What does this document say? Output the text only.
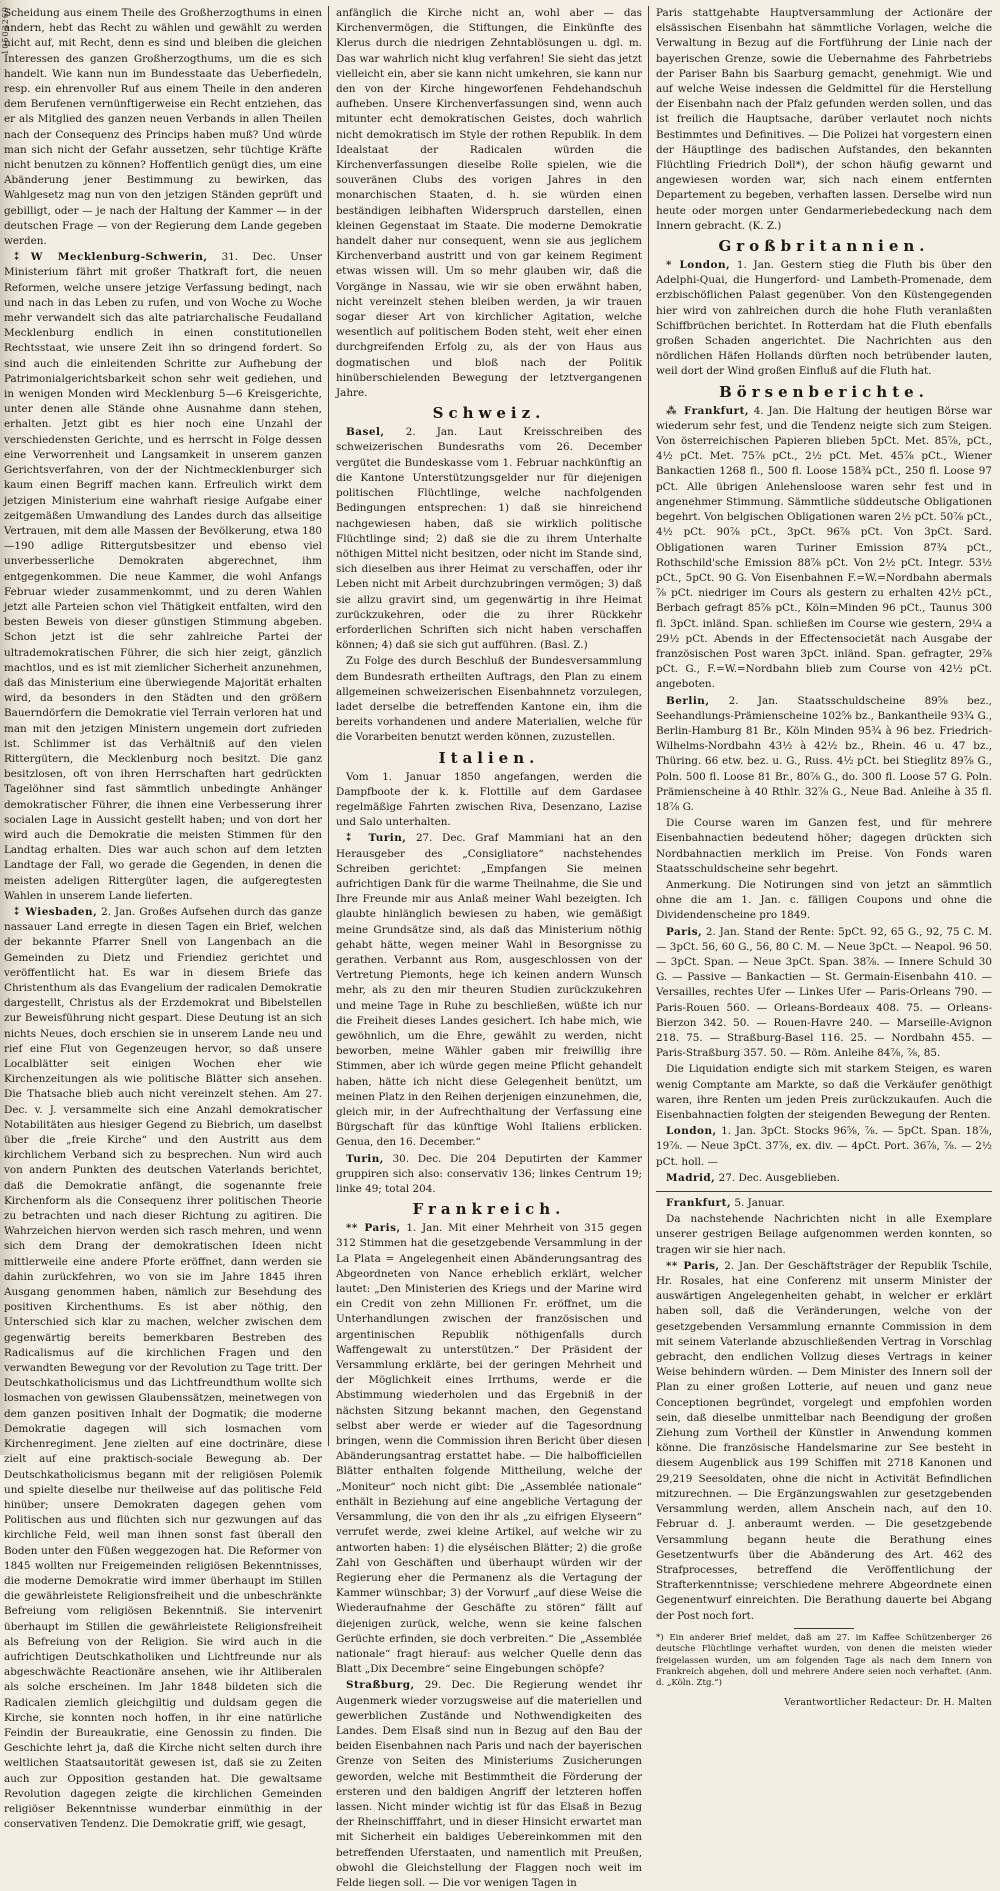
10503269

Scheidung aus einem Theile des Großherzogthums in einen andern, hebt das Recht zu wählen und gewählt zu werden nicht auf, mit Recht, denn es sind und bleiben die gleichen Interessen des ganzen Großherzogthums, um die es sich handelt. Wie kann nun im Bundesstaate das Ueberfiedeln, resp. ein ehrenvoller Ruf aus einem Theile in den anderen dem Berufenen vernünftigerweise ein Recht entziehen, das er als Mitglied des ganzen neuen Verbands in allen Theilen nach der Consequenz des Princips haben muß? Und würde man sich nicht der Gefahr aussetzen, sehr tüchtige Kräfte nicht benutzen zu können? Hoffentlich genügt dies, um eine Abänderung jener Bestimmung zu bewirken, das Wahlgesetz mag nun von den jetzigen Ständen geprüft und gebilligt, oder — je nach der Haltung der Kammer — in der deutschen Frage — von der Regierung dem Lande gegeben werden.

⁑W Mecklenburg-Schwerin, 31. Dec. Unser Ministerium fährt mit großer Thatkraft fort, die neuen Reformen, welche unsere jetzige Verfassung bedingt, nach und nach in das Leben zu rufen, und von Woche zu Woche mehr verwandelt sich das alte patriarchalische Feudalland Mecklenburg endlich in einen constitutionellen Rechtsstaat, wie unsere Zeit ihn so dringend fordert. So sind auch die einleitenden Schritte zur Aufhebung der Patrimonialgerichtsbarkeit schon sehr weit gediehen, und in wenigen Monden wird Mecklenburg 5—6 Kreisgerichte, unter denen alle Stände ohne Ausnahme dann stehen, erhalten. Jetzt gibt es hier noch eine Unzahl der verschiedensten Gerichte, und es herrscht in Folge dessen eine Verworrenheit und Langsamkeit in unserem ganzen Gerichtsverfahren, von der der Nichtmecklenburger sich kaum einen Begriff machen kann. Erfreulich wirkt dem jetzigen Ministerium eine wahrhaft riesige Aufgabe einer zeitgemäßen Umwandlung des Landes durch das allseitige Vertrauen, mit dem alle Massen der Bevölkerung, etwa 180—190 adlige Rittergutsbesitzer und ebenso viel unverbesserliche Demokraten abgerechnet, ihm entgegenkommen. Die neue Kammer, die wohl Anfangs Februar wieder zusammenkommt, und zu deren Wahlen jetzt alle Parteien schon viel Thätigkeit entfalten, wird den besten Beweis von dieser günstigen Stimmung abgeben. Schon jetzt ist die sehr zahlreiche Partei der ultrademokratischen Führer, die sich hier zeigt, gänzlich machtlos, und es ist mit ziemlicher Sicherheit anzunehmen, daß das Ministerium eine überwiegende Majorität erhalten wird, da besonders in den Städten und den größern Bauerndörfern die Demokratie viel Terrain verloren hat und man mit den jetzigen Ministern ungemein dort zufrieden ist. Schlimmer ist das Verhältniß auf den vielen Rittergütern, die Mecklenburg noch besitzt. Die ganz besitzlosen, oft von ihren Herrschaften hart gedrückten Tagelöhner sind fast sämmtlich unbedingte Anhänger demokratischer Führer, die ihnen eine Verbesserung ihrer socialen Lage in Aussicht gestellt haben; und von dort her wird auch die Demokratie die meisten Stimmen für den Landtag erhalten. Dies war auch schon auf dem letzten Landtage der Fall, wo gerade die Gegenden, in denen die meisten adeligen Rittergüter lagen, die aufgeregtesten Wahlen in unserem Lande lieferten.

⁑ Wiesbaden, 2. Jan. Großes Aufsehen durch das ganze nassauer Land erregte in diesen Tagen ein Brief, welchen der bekannte Pfarrer Snell von Langenbach an die Gemeinden zu Dietz und Friendiez gerichtet und veröffentlicht hat. Es war in diesem Briefe das Christenthum als das Evangelium der radicalen Demokratie dargestellt, Christus als der Erzdemokrat und Bibelstellen zur Beweisführung nicht gespart. Diese Deutung ist an sich nichts Neues, doch erschien sie in unserem Lande neu und rief eine Flut von Gegenzeugen hervor, so daß unsere Localblätter seit einigen Wochen eher wie Kirchenzeitungen als wie politische Blätter sich ansehen. Die Thatsache blieb auch nicht vereinzelt stehen. Am 27. Dec. v. J. versammelte sich eine Anzahl demokratischer Notabilitäten aus hiesiger Gegend zu Biebrich, um daselbst über die „freie Kirche“ und den Austritt aus dem kirchlichem Verband sich zu besprechen. Nun wird auch von andern Punkten des deutschen Vaterlands berichtet, daß die Demokratie anfängt, die sogenannte freie Kirchenform als die Consequenz ihrer politischen Theorie zu betrachten und nach dieser Richtung zu agitiren. Die Wahrzeichen hiervon werden sich rasch mehren, und wenn sich dem Drang der demokratischen Ideen nicht mittlerweile eine andere Pforte eröffnet, dann werden sie dahin zurückfehren, wo von sie im Jahre 1845 ihren Ausgang genommen haben, nämlich zur Besehdung des positiven Kirchenthums. Es ist aber nöthig, den Unterschied sich klar zu machen, welcher zwischen dem gegenwärtig bereits bemerkbaren Bestreben des Radicalismus auf die kirchlichen Fragen und den verwandten Bewegung vor der Revolution zu Tage tritt. Der Deutschkatholicismus und das Lichtfreundthum wollte sich losmachen von gewissen Glaubenssätzen, meinetwegen von dem ganzen positiven Inhalt der Dogmatik; die moderne Demokratie dagegen will sich losmachen vom Kirchenregiment. Jene zielten auf eine doctrinäre, diese zielt auf eine praktisch-sociale Bewegung ab. Der Deutschkatholicismus begann mit der religiösen Polemik und spielte dieselbe nur theilweise auf das politische Feld hinüber; unsere Demokraten dagegen gehen vom Politischen aus und flüchten sich nur gezwungen auf das kirchliche Feld, weil man ihnen sonst fast überall den Boden unter den Füßen weggezogen hat. Die Reformer von 1845 wollten nur Freigemeinden religiösen Bekenntnisses, die moderne Demokratie wird immer überhaupt im Stillen die gewährleistete Religionsfreiheit und die unbeschränkte Befreiung vom religiösen Bekenntniß. Sie intervenirt überhaupt im Stillen die gewährleistete Religionsfreiheit als Befreiung von der Religion. Sie wird auch in die aufrichtigen Deutschkatholiken und Lichtfreunde nur als abgeschwächte Reactionäre ansehen, wie ihr Altliberalen als solche erscheinen. Im Jahr 1848 bildeten sich die Radicalen ziemlich gleichgiltig und duldsam gegen die Kirche, sie konnten noch hoffen, in ihr eine natürliche Feindin der Bureaukratie, eine Genossin zu finden. Die Geschichte lehrt ja, daß die Kirche nicht selten durch ihre weltlichen Staatsautorität gewesen ist, daß sie zu Zeiten auch zur Opposition gestanden hat. Die gewaltsame Revolution dagegen zeigte die kirchlichen Gemeinden religiöser Bekenntnisse wunderbar einmüthig in der conservativen Tendenz. Die Demokratie griff, wie gesagt,

anfänglich die Kirche nicht an, wohl aber — das Kirchenvermögen, die Stiftungen, die Einkünfte des Klerus durch die niedrigen Zehntablösungen u. dgl. m. Das war wahrlich nicht klug verfahren! Sie sieht das jetzt vielleicht ein, aber sie kann nicht umkehren, sie kann nur den von der Kirche hingeworfenen Fehdehandschuh aufheben. Unsere Kirchenverfassungen sind, wenn auch mitunter echt demokratischen Geistes, doch wahrlich nicht demokratisch im Style der rothen Republik. In dem Idealstaat der Radicalen würden die Kirchenverfassungen dieselbe Rolle spielen, wie die souveränen Clubs des vorigen Jahres in den monarchischen Staaten, d. h. sie würden einen beständigen leibhaften Widerspruch darstellen, einen kleinen Gegenstaat im Staate. Die moderne Demokratie handelt daher nur consequent, wenn sie aus jeglichem Kirchenverband austritt und von gar keinem Regiment etwas wissen will. Um so mehr glauben wir, daß die Vorgänge in Nassau, wie wir sie oben erwähnt haben, nicht vereinzelt stehen bleiben werden, ja wir trauen sogar dieser Art von kirchlicher Agitation, welche wesentlich auf politischem Boden steht, weit eher einen durchgreifenden Erfolg zu, als der von Haus aus dogmatischen und bloß nach der Politik hinüberschielenden Bewegung der letztvergangenen Jahre.

Schweiz.

Basel, 2. Jan. Laut Kreisschreiben des schweizerischen Bundesraths vom 26. December vergütet die Bundeskasse vom 1. Februar nachkünftig an die Kantone Unterstützungsgelder nur für diejenigen politischen Flüchtlinge, welche nachfolgenden Bedingungen entsprechen: 1) daß sie hinreichend nachgewiesen haben, daß sie wirklich politische Flüchtlinge sind; 2) daß sie die zu ihrem Unterhalte nöthigen Mittel nicht besitzen, oder nicht im Stande sind, sich dieselben aus ihrer Heimat zu verschaffen, oder ihr Leben nicht mit Arbeit durchzubringen vermögen; 3) daß sie allzu gravirt sind, um gegenwärtig in ihre Heimat zurückzukehren, oder die zu ihrer Rückkehr erforderlichen Schriften sich nicht haben verschaffen können; 4) daß sie sich gut aufführen. (Basl. Z.)

Zu Folge des durch Beschluß der Bundesversammlung dem Bundesrath ertheilten Auftrags, den Plan zu einem allgemeinen schweizerischen Eisenbahnnetz vorzulegen, ladet derselbe die betreffenden Kantone ein, ihm die bereits vorhandenen und andere Materialien, welche für die Vorarbeiten benutzt werden können, zuzustellen.

Italien.

Vom 1. Januar 1850 angefangen, werden die Dampfboote der k. k. Flottille auf dem Gardasee regelmäßige Fahrten zwischen Riva, Desenzano, Lazise und Salo unterhalten.

⁑ Turin, 27. Dec. Graf Mammiani hat an den Herausgeber des „Consigliatore“ nachstehendes Schreiben gerichtet: „Empfangen Sie meinen aufrichtigen Dank für die warme Theilnahme, die Sie und Ihre Freunde mir aus Anlaß meiner Wahl bezeigten. Ich glaubte hinlänglich bewiesen zu haben, wie gemäßigt meine Grundsätze sind, als daß das Ministerium nöthig gehabt hätte, wegen meiner Wahl in Besorgnisse zu gerathen. Verbannt aus Rom, ausgeschlossen von der Vertretung Piemonts, hege ich keinen andern Wunsch mehr, als zu den mir theuren Studien zurückzukehren und meine Tage in Ruhe zu beschließen, wüßte ich nur die Freiheit dieses Landes gesichert. Ich habe mich, wie gewöhnlich, um die Ehre, gewählt zu werden, nicht beworben, meine Wähler gaben mir freiwillig ihre Stimmen, aber ich würde gegen meine Pflicht gehandelt haben, hätte ich nicht diese Gelegenheit benützt, um meinen Platz in den Reihen derjenigen einzunehmen, die, gleich mir, in der Aufrechthaltung der Verfassung eine Bürgschaft für das künftige Wohl Italiens erblicken. Genua, den 16. December.“

Turin, 30. Dec. Die 204 Deputirten der Kammer gruppiren sich also: conservativ 136; linkes Centrum 19; linke 49; total 204.

Frankreich.

** Paris, 1. Jan. Mit einer Mehrheit von 315 gegen 312 Stimmen hat die gesetzgebende Versammlung in der La Plata = Angelegenheit einen Abänderungsantrag des Abgeordneten von Nance erheblich erklärt, welcher lautet: „Den Ministerien des Kriegs und der Marine wird ein Credit von zehn Millionen Fr. eröffnet, um die Unterhandlungen zwischen der französischen und argentinischen Republik nöthigenfalls durch Waffengewalt zu unterstützen.“ Der Präsident der Versammlung erklärte, bei der geringen Mehrheit und der Möglichkeit eines Irrthums, werde er die Abstimmung wiederholen und das Ergebniß in der nächsten Sitzung bekannt machen, den Gegenstand selbst aber werde er wieder auf die Tagesordnung bringen, wenn die Commission ihren Bericht über diesen Abänderungsantrag erstattet habe. — Die halbofficiellen Blätter enthalten folgende Mittheilung, welche der „Moniteur“ noch nicht gibt: Die „Assemblée nationale“ enthält in Beziehung auf eine angebliche Vertagung der Versammlung, die von den ihr als „zu eifrigen Elyseern“ verrufet werde, zwei kleine Artikel, auf welche wir zu antworten haben: 1) die elyséischen Blätter; 2) die große Zahl von Geschäften und überhaupt würden wir der Regierung eher die Permanenz als die Vertagung der Kammer wünschbar; 3) der Vorwurf „auf diese Weise die Wiederaufnahme der Geschäfte zu stören“ fällt auf diejenigen zurück, welche, wenn sie keine falschen Gerüchte erfinden, sie doch verbreiten.“ Die „Assemblée nationale“ fragt hierauf: aus welcher Quelle denn das Blatt „Dix Decembre“ seine Eingebungen schöpfe?

Straßburg, 29. Dec. Die Regierung wendet ihr Augenmerk wieder vorzugsweise auf die materiellen und gewerblichen Zustände und Nothwendigkeiten des Landes. Dem Elsaß sind nun in Bezug auf den Bau der beiden Eisenbahnen nach Paris und nach der bayerischen Grenze von Seiten des Ministeriums Zusicherungen geworden, welche mit Bestimmtheit die Förderung der ersteren und den baldigen Angriff der letzteren hoffen lassen. Nicht minder wichtig ist für das Elsaß in Bezug der Rheinschifffahrt, und in dieser Hinsicht erwartet man mit Sicherheit ein baldiges Uebereinkommen mit den betreffenden Uferstaaten, und namentlich mit Preußen, obwohl die Gleichstellung der Flaggen noch weit im Felde liegen soll. — Die vor wenigen Tagen in

Paris stattgehabte Hauptversammlung der Actionäre der elsässischen Eisenbahn hat sämmtliche Vorlagen, welche die Verwaltung in Bezug auf die Fortführung der Linie nach der bayerischen Grenze, sowie die Uebernahme des Fahrbetriebs der Pariser Bahn bis Saarburg gemacht, genehmigt. Wie und auf welche Weise indessen die Geldmittel für die Herstellung der Eisenbahn nach der Pfalz gefunden werden sollen, und das ist freilich die Hauptsache, darüber verlautet noch nichts Bestimmtes und Definitives. — Die Polizei hat vorgestern einen der Häuptlinge des badischen Aufstandes, den bekannten Flüchtling Friedrich Doll*), der schon häufig gewarnt und angewiesen worden war, sich nach einem entfernten Departement zu begeben, verhaften lassen. Derselbe wird nun heute oder morgen unter Gendarmeriebedeckung nach dem Innern gebracht. (K. Z.)

Großbritannien.

* London, 1. Jan. Gestern stieg die Fluth bis über den Adelphi-Quai, die Hungerford- und Lambeth-Promenade, dem erzbischöflichen Palast gegenüber. Von den Küstengegenden hier wird von zahlreichen durch die hohe Fluth veranlaßten Schiffbrüchen berichtet. In Rotterdam hat die Fluth ebenfalls großen Schaden angerichtet. Die Nachrichten aus den nördlichen Häfen Hollands dürften noch betrübender lauten, weil dort der Wind großen Einfluß auf die Fluth hat.

Börsenberichte.

⁂ Frankfurt, 4. Jan. Die Haltung der heutigen Börse war wiederum sehr fest, und die Tendenz neigte sich zum Steigen. Von österreichischen Papieren blieben 5pCt. Met. 85⅞, pCt., 4½ pCt. Met. 75⅞ pCt., 2½ pCt. Met. 45⅞ pCt., Wiener Bankactien 1268 fl., 500 fl. Loose 158¾ pCt., 250 fl. Loose 97 pCt. Alle übrigen Anlehensloose waren sehr fest und in angenehmer Stimmung. Sämmtliche süddeutsche Obligationen begehrt. Von belgischen Obligationen waren 2½ pCt. 50⅞ pCt., 4½ pCt. 90⅞ pCt., 3pCt. 96⅞ pCt. Von 3pCt. Sard. Obligationen waren Turiner Emission 87¾ pCt., Rothschild'sche Emission 88⅞ pCt. Von 2½ pCt. Integr. 53½ pCt., 5pCt. 90 G. Von Eisenbahnen F.=W.=Nordbahn abermals ⅞ pCt. niedriger im Cours als gestern zu erhalten 42½ pCt., Berbach gefragt 85⅞ pCt., Köln=Minden 96 pCt., Taunus 300 fl. 3pCt. inländ. Span. schließen im Course wie gestern, 29¼ a 29½ pCt. Abends in der Effectensocietät nach Ausgabe der französischen Post waren 3pCt. inländ. Span. gefragter, 29⅞ pCt. G., F.=W.=Nordbahn blieb zum Course von 42½ pCt. angeboten.

Berlin, 2. Jan. Staatsschuldscheine 89⅝ bez., Seehandlungs-Prämienscheine 102⅝ bz., Bankantheile 93¾ G., Berlin-Hamburg 81 Br., Köln Minden 95¾ à 96 bez. Friedrich-Wilhelms-Nordbahn 43½ à 42½ bz., Rhein. 46 u. 47 bz., Thüring. 66 etw. bez. u. G., Russ. 4½ pCt. bei Stieglitz 89⅞ G., Poln. 500 fl. Loose 81 Br., 80⅞ G., do. 300 fl. Loose 57 G. Poln. Prämienscheine à 40 Rthlr. 32⅞ G., Neue Bad. Anleihe à 35 fl. 18⅞ G.

Die Course waren im Ganzen fest, und für mehrere Eisenbahnactien bedeutend höher; dagegen drückten sich Nordbahnactien merklich im Preise. Von Fonds waren Staatsschuldscheine sehr begehrt.

Anmerkung. Die Notirungen sind von jetzt an sämmtlich ohne die am 1. Jan. c. fälligen Coupons und ohne die Dividendenscheine pro 1849.

Paris, 2. Jan. Stand der Rente: 5pCt. 92, 65 G., 92, 75 C. M. — 3pCt. 56, 60 G., 56, 80 C. M. — Neue 3pCt. — Neapol. 96 50. — 3pCt. Span. — Neue 3pCt. Span. 38⅞. — Innere Schuld 30 G. — Passive — Bankactien — St. Germain-Eisenbahn 410. — Versailles, rechtes Ufer — Linkes Ufer — Paris-Orleans 790. — Paris-Rouen 560. — Orleans-Bordeaux 408. 75. — Orleans-Bierzon 342. 50. — Rouen-Havre 240. — Marseille-Avignon 218. 75. — Straßburg-Basel 116. 25. — Nordbahn 455. — Paris-Straßburg 357. 50. — Röm. Anleihe 84⅞, ⅞, 85.

Die Liquidation endigte sich mit starkem Steigen, es waren wenig Comptante am Markte, so daß die Verkäufer genöthigt waren, ihre Renten um jeden Preis zurückzukaufen. Auch die Eisenbahnactien folgten der steigenden Bewegung der Renten.

London, 1. Jan. 3pCt. Stocks 96⅝, ⅞. — 5pCt. Span. 18⅞, 19⅞. — Neue 3pCt. 37⅞, ex. div. — 4pCt. Port. 36⅞, ⅞. — 2½ pCt. holl. —

Madrid, 27. Dec. Ausgeblieben.

Frankfurt, 5. Januar.

Da nachstehende Nachrichten nicht in alle Exemplare unserer gestrigen Beilage aufgenommen werden konnten, so tragen wir sie hier nach.

** Paris, 2. Jan. Der Geschäftsträger der Republik Tschile, Hr. Rosales, hat eine Conferenz mit unserm Minister der auswärtigen Angelegenheiten gehabt, in welcher er erklärt haben soll, daß die Veränderungen, welche von der gesetzgebenden Versammlung ernannte Commission in dem mit seinem Vaterlande abzuschließenden Vertrag in Vorschlag gebracht, den endlichen Vollzug dieses Vertrags in keiner Weise behindern würden. — Dem Minister des Innern soll der Plan zu einer großen Lotterie, auf neuen und ganz neue Conceptionen begründet, vorgelegt und empfohlen worden sein, daß dieselbe unmittelbar nach Beendigung der großen Ziehung zum Vortheil der Künstler in Anwendung kommen könne. Die französische Handelsmarine zur See besteht in diesem Augenblick aus 199 Schiffen mit 2718 Kanonen und 29,219 Seesoldaten, ohne die nicht in Activität Befindlichen mitzurechnen. — Die Ergänzungswahlen zur gesetzgebenden Versammlung werden, allem Anschein nach, auf den 10. Februar d. J. anberaumt werden. — Die gesetzgebende Versammlung begann heute die Berathung eines Gesetzentwurfs über die Abänderung des Art. 462 des Strafprocesses, betreffend die Veröffentlichung der Strafterkenntnisse; verschiedene mehrere Abgeordnete einen Gegenentwurf einreichten. Die Berathung dauerte bei Abgang der Post noch fort.

*) Ein anderer Brief meldet, daß am 27. im Kaffee Schützenberger 26 deutsche Flüchtlinge verhaftet wurden, von denen die meisten wieder freigelassen wurden, um am folgenden Tage als nach dem Innern von Frankreich abgehen, doll und mehrere Andere seien noch verhaftet. (Anm. d. „Köln. Ztg.“)
Verantwortlicher Redacteur: Dr. H. Malten
